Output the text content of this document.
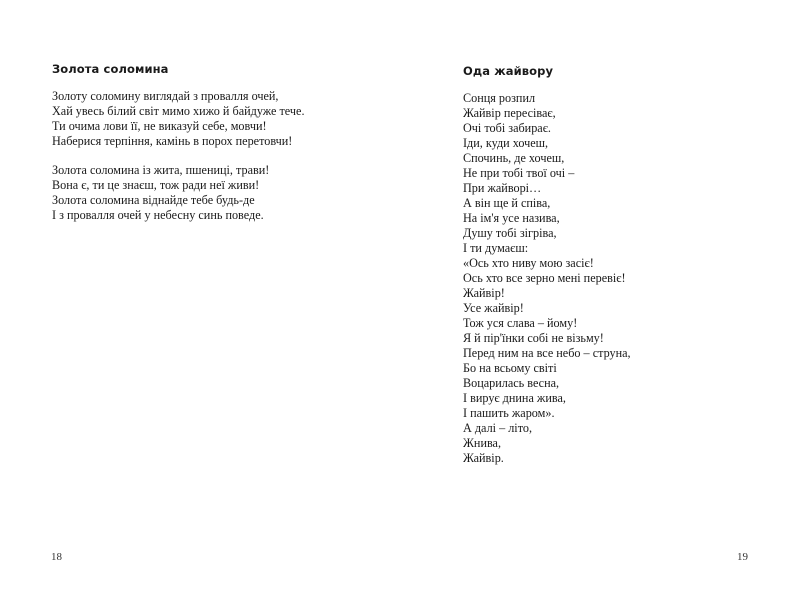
Золота соломина
Золоту соломину виглядай з провалля очей,
Хай увесь білий світ мимо хижо й байдуже тече.
Ти очима лови її, не виказуй себе, мовчи!
Наберися терпіння, камінь в порох перетовчи!
Золота соломина із жита, пшениці, трави!
Вона є, ти це знаєш, тож ради неї живи!
Золота соломина віднайде тебе будь-де
І з провалля очей у небесну синь поведе.
18
Ода жайвору
Сонця розпил
Жайвір пересіває,
Очі тобі забирає.
Іди, куди хочеш,
Спочинь, де хочеш,
Не при тобі твої очі –
При жайворі…
А він ще й співа,
На ім'я усе назива,
Душу тобі зігріва,
І ти думаєш:
«Ось хто ниву мою засіє!
Ось хто все зерно мені перевіє!
Жайвір!
Усе жайвір!
Тож уся слава – йому!
Я й пір'їнки собі не візьму!
Перед ним на все небо – струна,
Бо на всьому світі
Воцарилась весна,
І вирує днина жива,
І пашить жаром».
А далі – літо,
Жнива,
Жайвір.
19
